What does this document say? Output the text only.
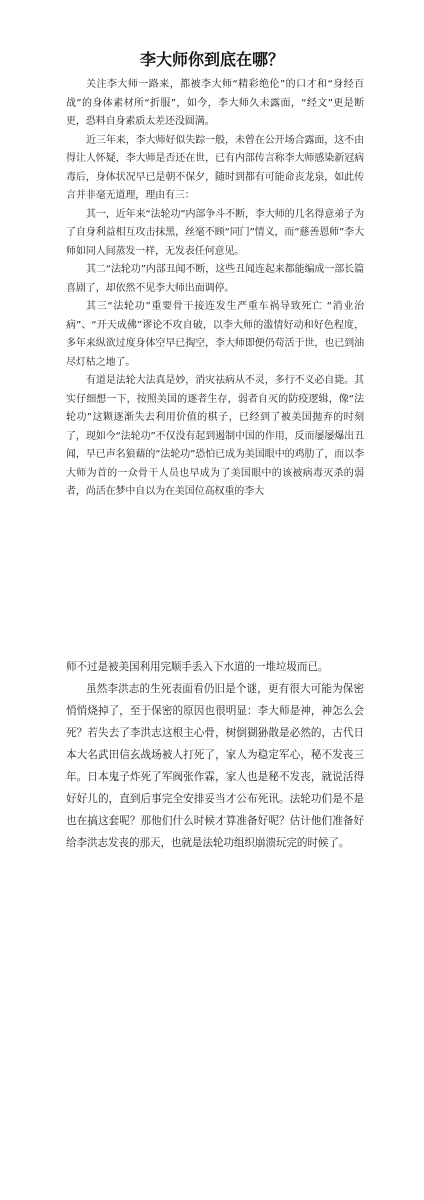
李大师你到底在哪？

关注李大师一路来，都被李大师“精彩绝伦”的口才和“身经百战”的身体素材所“折服”，如今，李大师久未露面，“经文”更是断更，恐料自身素质太差还没圆满。

近三年来，李大师好似失踪一般，未曾在公开场合露面，这不由得让人怀疑，李大师是否还在世，已有内部传言称李大师感染新冠病毒后，身体状况早已是朝不保夕，随时到都有可能命丧龙泉，如此传言并非毫无道理，理由有三：

其一，近年来“法轮功”内部争斗不断，李大师的几名得意弟子为了自身利益相互攻击抹黑，丝毫不顾“同门”情义，而“慈善恩师”李大师如同人间蒸发一样，无发表任何意见。

其二“法轮功”内部丑闻不断，这些丑闻连起来都能编成一部长篇喜剧了，却依然不见李大师出面调停。

其三“法轮功”重要骨干接连发生严重车祸导致死亡 “消业治病”、“开天成佛”谬论不攻自破，以李大师的滥情好动和好色程度，多年来纵欲过度身体空早已掏空，李大师即便仍苟活于世，也已到油尽灯枯之地了。

有道是法轮大法真是妙，消灾祛病从不灵，多行不义必自毙。其实仔细想一下，按照美国的逐者生存，弱者自灭的防疫逻辑，像“法轮功”这颗逐渐失去利用价值的棋子，已经到了被美国抛弃的时刻了，现如今“法轮功”不仅没有起到遏制中国的作用，反而屡屡爆出丑闻，早已声名狼藉的“法轮功”恐怕已成为美国眼中的鸡肋了，而以李大师为首的一众骨干人员也早成为了美国眼中的该被病毒灭杀的弱者，尚活在梦中自以为在美国位高权重的李大

师不过是被美国利用完顺手丢入下水道的一堆垃圾而已。

虽然李洪志的生死表面看仍旧是个谜，更有很大可能为保密悄悄烧掉了，至于保密的原因也很明显：李大师是神，神怎么会死？若失去了李洪志这根主心骨，树倒猢狲散是必然的，古代日本大名武田信玄战场被人打死了，家人为稳定军心，秘不发丧三年。日本鬼子炸死了军阀张作霖，家人也是秘不发丧，就说活得好好儿的，直到后事完全安排妥当才公布死讯。法轮功们是不是也在搞这套呢？那他们什么时候才算准备好呢？估计他们准备好给李洪志发丧的那天，也就是法轮功组织崩溃玩完的时候了。
